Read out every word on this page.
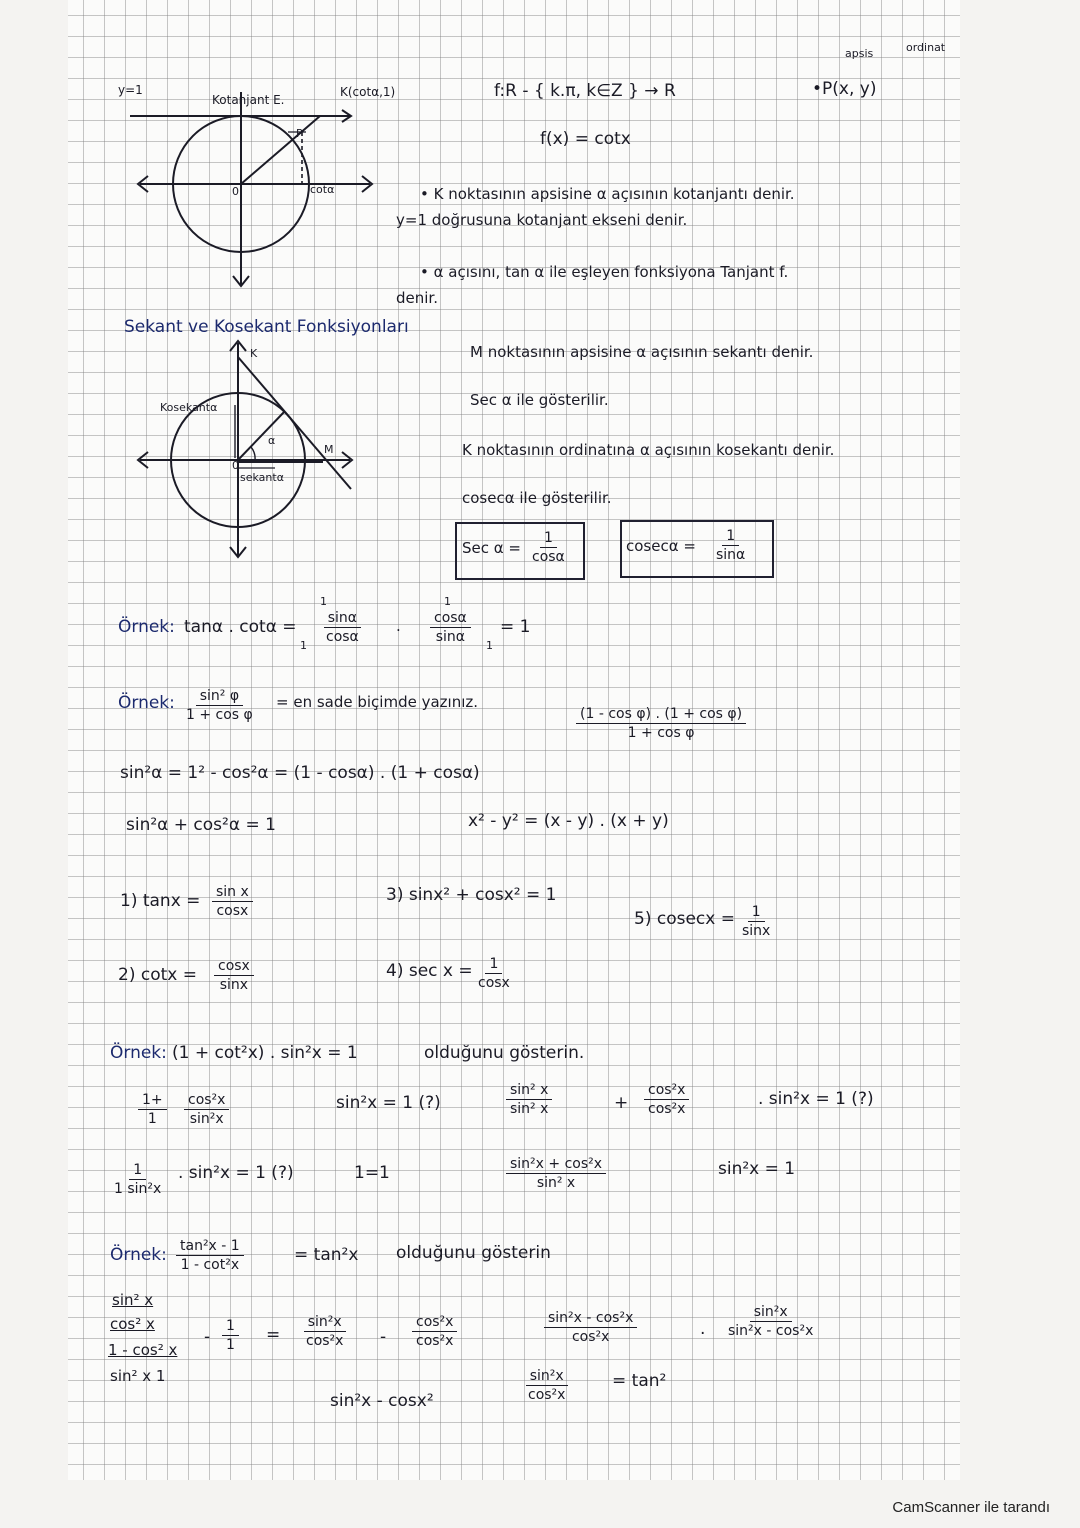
y=1
Kotanjant E.
K(cotα,1)
P
0	cotα
f:R - { k.π, k∈Z } → R
f(x) = cotx
apsis	ordinat
•P(x, y)
• K noktasının apsisine α açısının kotanjantı denir.
y=1 doğrusuna kotanjant ekseni denir.
• α açısını, tan α ile eşleyen fonksiyona Tanjant f.
denir.
Sekant ve Kosekant Fonksiyonları
K
Kosekantα
sekantα
α
M
0
M noktasının apsisine α açısının sekantı denir.
Sec α ile gösterilir.
K noktasının ordinatına α açısının kosekantı denir.
cosecα ile gösterilir.
Sec $\alpha = \frac{1}{\cos\alpha}$	$cosec\alpha = \frac{1}{\sin\alpha}$
Örnek: tanα . cotα =
1
$\frac{\sin\alpha}{\cos\alpha}$
1
.
1
$\frac{\cos\alpha}{\sin\alpha}$
1
= 1
Örnek: $\frac{\text{sin² φ}}{\text{1 + cos φ}}$ = en sade biçimde yazınız.
$\frac{\text{(1 - cos φ) . (1 + cos φ)}}{\text{1 + cos φ}}$
sin²α = 1² - cos²α = (1 - cosα) . (1 + cosα)
sin²α + cos²α = 1	x² - y² = (x - y) . (x + y)
1) $\tan x = \frac{\text{sin x}}{\cos x}$
2) $\cot x = \frac{\cos x}{\sin x}$
3) sinx² + cosx² = 1
4) $\sec x = \frac{1}{\cos x}$
5) $cosecx = \frac{1}{\sin x}$
Örnek: (1 + cot²x) . sin²x = 1	olduğunu gösterin.
$\frac{1+}{1} \frac{\text{cos²x}}{\text{sin²x}}$	sin²x = 1 (?)	$\frac{\text{sin² x}}{\text{sin² x}}$	+ $\frac{\text{cos²x}}{\text{cos²x}}$	. sin²x = 1 (?)
$\frac{1}{\text{1 sin²x}}$ . sin²x = 1 (?)	1=1	$\frac{\text{sin²x + cos²x}}{\text{sin² x}}$	sin²x = 1
Örnek: $\frac{\text{tan²x - 1}}{\text{1 - cot²x}}$	= tan²x olduğunu gösterin
sin² x
cos² x
1 - cos² x
sin² x 1
- $\frac{1}{1} = \frac{\text{sin²x}}{\text{cos²x}} - \frac{\text{cos²x}}{\text{cos²x}}$	$\frac{\text{sin²x - cos²x}}{\text{cos²x}}$	. $\frac{\text{sin²x}}{\text{sin²x - cos²x}}$
sin²x - cosx²	$\frac{\text{sin²x}}{\text{cos²x}}$	= tan²
CamScanner ile tarandı
